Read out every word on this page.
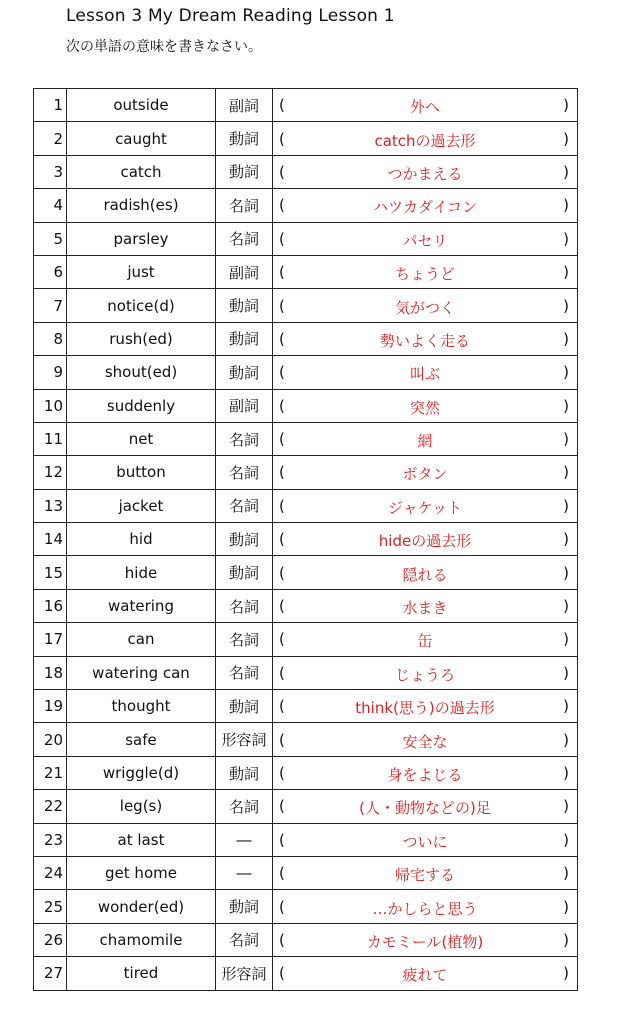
Lesson 3 My Dream Reading Lesson 1
次の単語の意味を書きなさい。
1	outside	副詞	( 外へ )

2	caught	動詞	( catchの過去形 )

3	catch	動詞	( つかまえる )

4	radish(es)	名詞	( ハツカダイコン )

5	parsley	名詞	( パセリ )

6	just	副詞	( ちょうど )

7	notice(d)	動詞	( 気がつく )

8	rush(ed)	動詞	( 勢いよく走る )

9	shout(ed)	動詞	( 叫ぶ )

10	suddenly	副詞	( 突然 )

11	net	名詞	( 網 )

12	button	名詞	( ボタン )

13	jacket	名詞	( ジャケット )

14	hid	動詞	( hideの過去形 )

15	hide	動詞	( 隠れる )

16	watering	名詞	( 水まき )

17	can	名詞	( 缶 )

18	watering can	名詞	( じょうろ )

19	thought	動詞	( think(思う)の過去形 )

20	safe	形容詞	( 安全な )

21	wriggle(d)	動詞	( 身をよじる )

22	leg(s)	名詞	( (人・動物などの)足 )

23	at last	―	( ついに )

24	get home	―	( 帰宅する )

25	wonder(ed)	動詞	( …かしらと思う )

26	chamomile	名詞	( カモミール(植物) )

27	tired	形容詞	( 疲れて )
